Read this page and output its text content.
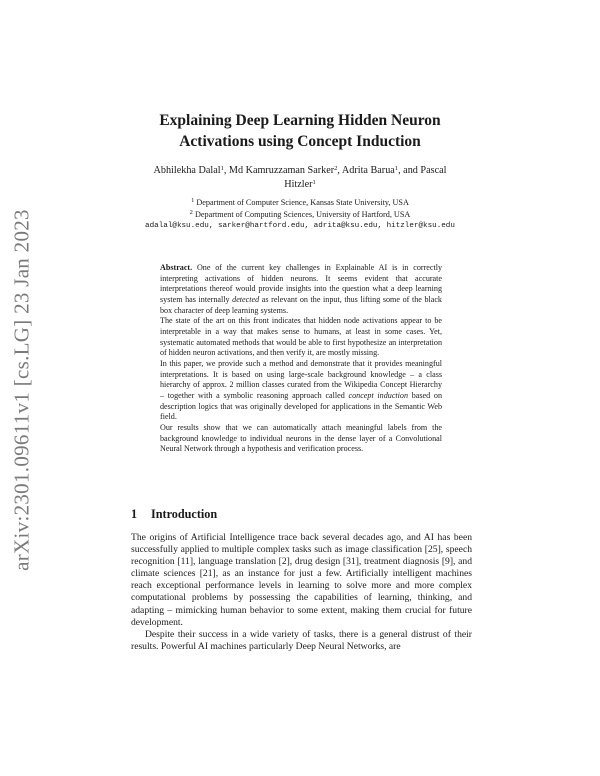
arXiv:2301.09611v1 [cs.LG] 23 Jan 2023
Explaining Deep Learning Hidden Neuron
Activations using Concept Induction
Abhilekha Dalal$^1$, Md Kamruzzaman Sarker$^2$, Adrita Barua$^1$, and Pascal
Hitzler$^1$
$^1$ Department of Computer Science, Kansas State University, USA
$^2$ Department of Computing Sciences, University of Hartford, USA
adalal@ksu.edu, sarker@hartford.edu, adrita@ksu.edu, hitzler@ksu.edu

Abstract. One of the current key challenges in Explainable AI is in correctly interpreting activations of hidden neurons. It seems evident that accurate interpretations thereof would provide insights into the question what a deep learning system has internally detected as relevant on the input, thus lifting some of the black box character of deep learning systems.

The state of the art on this front indicates that hidden node activations appear to be interpretable in a way that makes sense to humans, at least in some cases. Yet, systematic automated methods that would be able to first hypothesize an interpretation of hidden neuron activations, and then verify it, are mostly missing.

In this paper, we provide such a method and demonstrate that it provides meaningful interpretations. It is based on using large-scale background knowledge – a class hierarchy of approx. 2 million classes curated from the Wikipedia Concept Hierarchy – together with a symbolic reasoning approach called concept induction based on description logics that was originally developed for applications in the Semantic Web field.

Our results show that we can automatically attach meaningful labels from the background knowledge to individual neurons in the dense layer of a Convolutional Neural Network through a hypothesis and verification process.

1 Introduction

The origins of Artificial Intelligence trace back several decades ago, and AI has been successfully applied to multiple complex tasks such as image classification [25], speech recognition [11], language translation [2], drug design [31], treatment diagnosis [9], and climate sciences [21], as an instance for just a few. Artificially intelligent machines reach exceptional performance levels in learning to solve more and more complex computational problems by possessing the capabilities of learning, thinking, and adapting – mimicking human behavior to some extent, making them crucial for future development.

Despite their success in a wide variety of tasks, there is a general distrust of their results. Powerful AI machines particularly Deep Neural Networks, are
